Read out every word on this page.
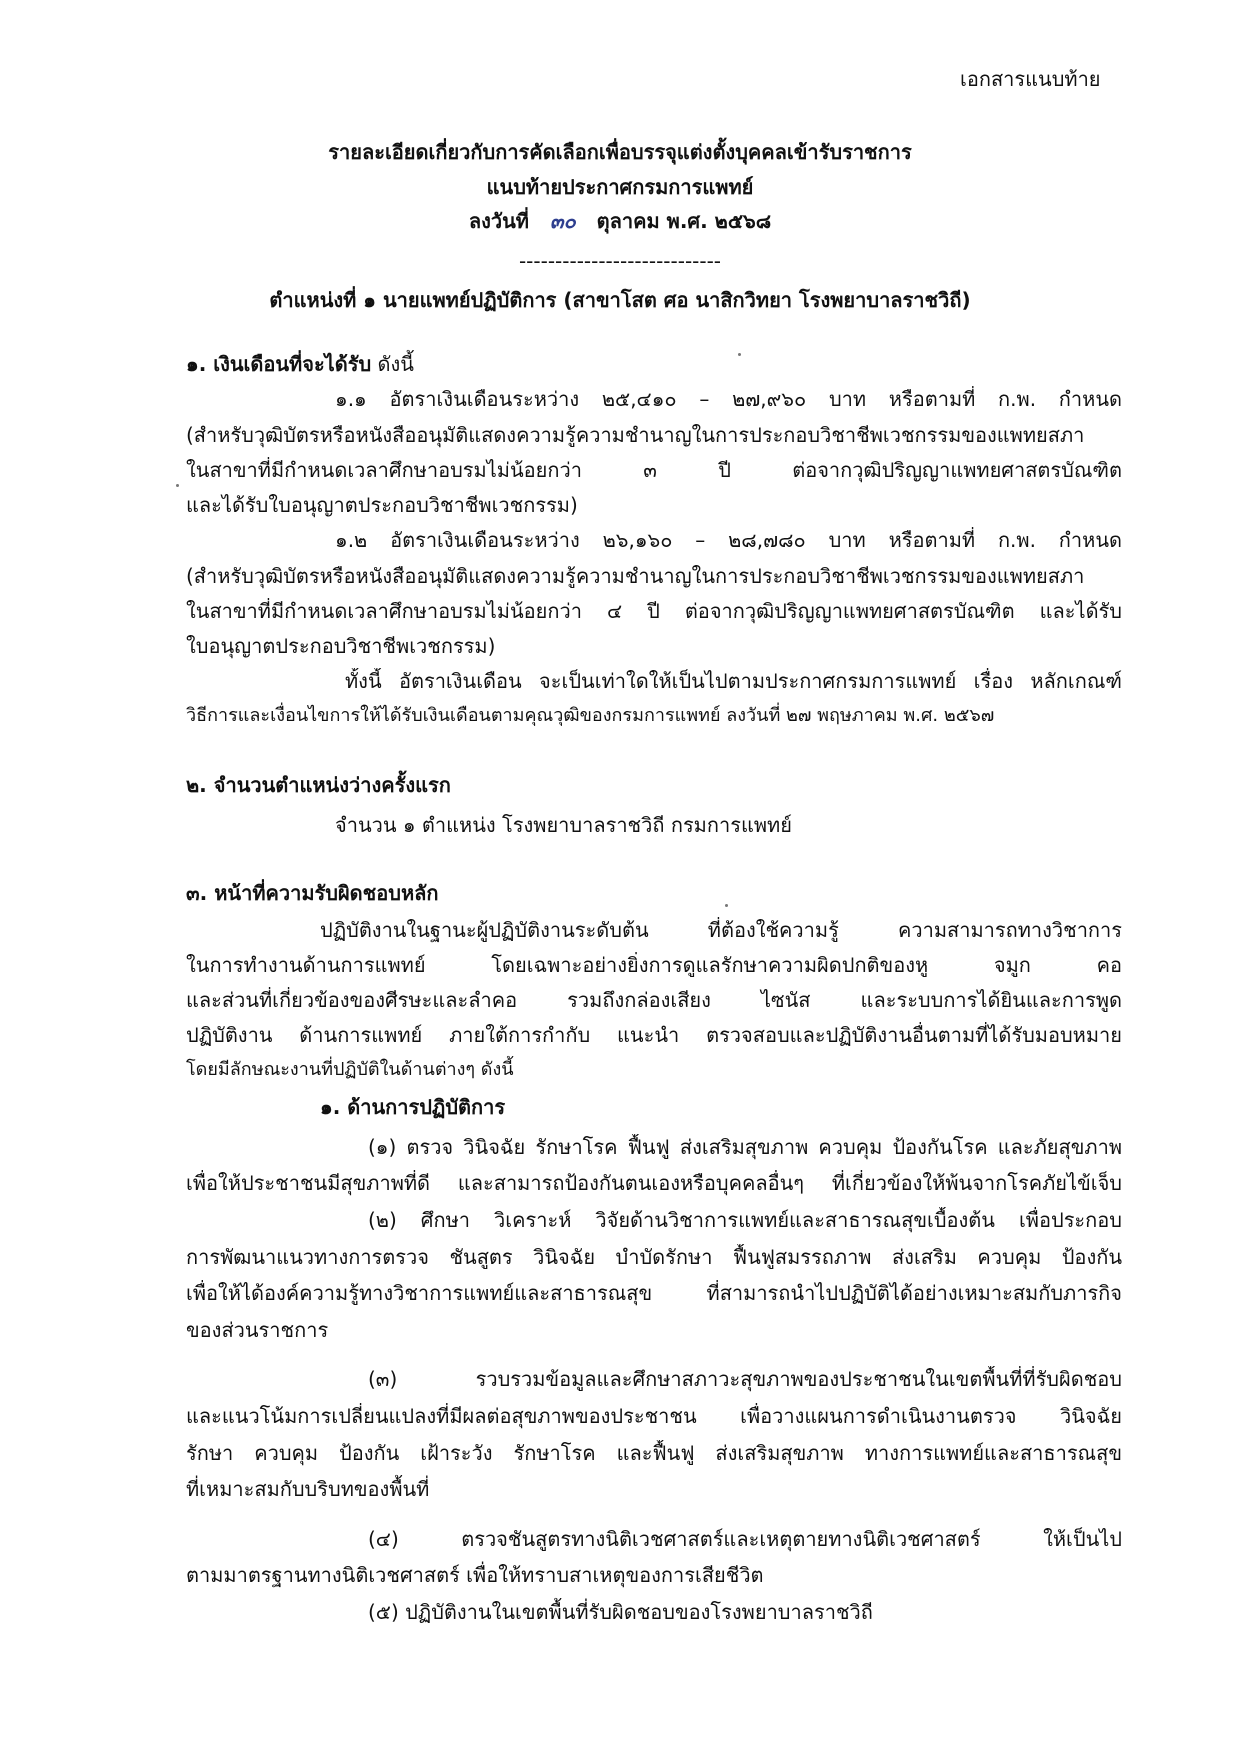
เอกสารแนบท้าย
รายละเอียดเกี่ยวกับการคัดเลือกเพื่อบรรจุแต่งตั้งบุคคลเข้ารับราชการ
แนบท้ายประกาศกรมการแพทย์
ลงวันที่ ๓๐ ตุลาคม พ.ศ. ๒๕๖๘
----------------------------
ตำแหน่งที่ ๑ นายแพทย์ปฏิบัติการ (สาขาโสต ศอ นาสิกวิทยา โรงพยาบาลราชวิถี)
๑. เงินเดือนที่จะได้รับ ดังนี้
๑.๑ อัตราเงินเดือนระหว่าง ๒๕,๔๑๐ – ๒๗,๙๖๐ บาท หรือตามที่ ก.พ. กำหนด
(สำหรับวุฒิบัตรหรือหนังสืออนุมัติแสดงความรู้ความชำนาญในการประกอบวิชาชีพเวชกรรมของแพทยสภา
ในสาขาที่มีกำหนดเวลาศึกษาอบรมไม่น้อยกว่า ๓ ปี ต่อจากวุฒิปริญญาแพทยศาสตรบัณฑิต
และได้รับใบอนุญาตประกอบวิชาชีพเวชกรรม)
๑.๒ อัตราเงินเดือนระหว่าง ๒๖,๑๖๐ – ๒๘,๗๘๐ บาท หรือตามที่ ก.พ. กำหนด
(สำหรับวุฒิบัตรหรือหนังสืออนุมัติแสดงความรู้ความชำนาญในการประกอบวิชาชีพเวชกรรมของแพทยสภา
ในสาขาที่มีกำหนดเวลาศึกษาอบรมไม่น้อยกว่า ๔ ปี ต่อจากวุฒิปริญญาแพทยศาสตรบัณฑิต และได้รับ
ใบอนุญาตประกอบวิชาชีพเวชกรรม)
ทั้งนี้ อัตราเงินเดือน จะเป็นเท่าใดให้เป็นไปตามประกาศกรมการแพทย์ เรื่อง หลักเกณฑ์
วิธีการและเงื่อนไขการให้ได้รับเงินเดือนตามคุณวุฒิของกรมการแพทย์ ลงวันที่ ๒๗ พฤษภาคม พ.ศ. ๒๕๖๗
๒. จำนวนตำแหน่งว่างครั้งแรก
จำนวน ๑ ตำแหน่ง โรงพยาบาลราชวิถี กรมการแพทย์
๓. หน้าที่ความรับผิดชอบหลัก
ปฏิบัติงานในฐานะผู้ปฏิบัติงานระดับต้น ที่ต้องใช้ความรู้ ความสามารถทางวิชาการ
ในการทำงานด้านการแพทย์ โดยเฉพาะอย่างยิ่งการดูแลรักษาความผิดปกติของหู จมูก คอ
และส่วนที่เกี่ยวข้องของศีรษะและลำคอ รวมถึงกล่องเสียง ไซนัส และระบบการได้ยินและการพูด
ปฏิบัติงาน ด้านการแพทย์ ภายใต้การกำกับ แนะนำ ตรวจสอบและปฏิบัติงานอื่นตามที่ได้รับมอบหมาย
โดยมีลักษณะงานที่ปฏิบัติในด้านต่างๆ ดังนี้
๑. ด้านการปฏิบัติการ
(๑) ตรวจ วินิจฉัย รักษาโรค ฟื้นฟู ส่งเสริมสุขภาพ ควบคุม ป้องกันโรค และภัยสุขภาพ
เพื่อให้ประชาชนมีสุขภาพที่ดี และสามารถป้องกันตนเองหรือบุคคลอื่นๆ ที่เกี่ยวข้องให้พ้นจากโรคภัยไข้เจ็บ
(๒) ศึกษา วิเคราะห์ วิจัยด้านวิชาการแพทย์และสาธารณสุขเบื้องต้น เพื่อประกอบ
การพัฒนาแนวทางการตรวจ ชันสูตร วินิจฉัย บำบัดรักษา ฟื้นฟูสมรรถภาพ ส่งเสริม ควบคุม ป้องกัน
เพื่อให้ได้องค์ความรู้ทางวิชาการแพทย์และสาธารณสุข ที่สามารถนำไปปฏิบัติได้อย่างเหมาะสมกับภารกิจ
ของส่วนราชการ
(๓) รวบรวมข้อมูลและศึกษาสภาวะสุขภาพของประชาชนในเขตพื้นที่ที่รับผิดชอบ
และแนวโน้มการเปลี่ยนแปลงที่มีผลต่อสุขภาพของประชาชน เพื่อวางแผนการดำเนินงานตรวจ วินิจฉัย
รักษา ควบคุม ป้องกัน เฝ้าระวัง รักษาโรค และฟื้นฟู ส่งเสริมสุขภาพ ทางการแพทย์และสาธารณสุข
ที่เหมาะสมกับบริบทของพื้นที่
(๔) ตรวจชันสูตรทางนิติเวชศาสตร์และเหตุตายทางนิติเวชศาสตร์ ให้เป็นไป
ตามมาตรฐานทางนิติเวชศาสตร์ เพื่อให้ทราบสาเหตุของการเสียชีวิต
(๕) ปฏิบัติงานในเขตพื้นที่รับผิดชอบของโรงพยาบาลราชวิถี
